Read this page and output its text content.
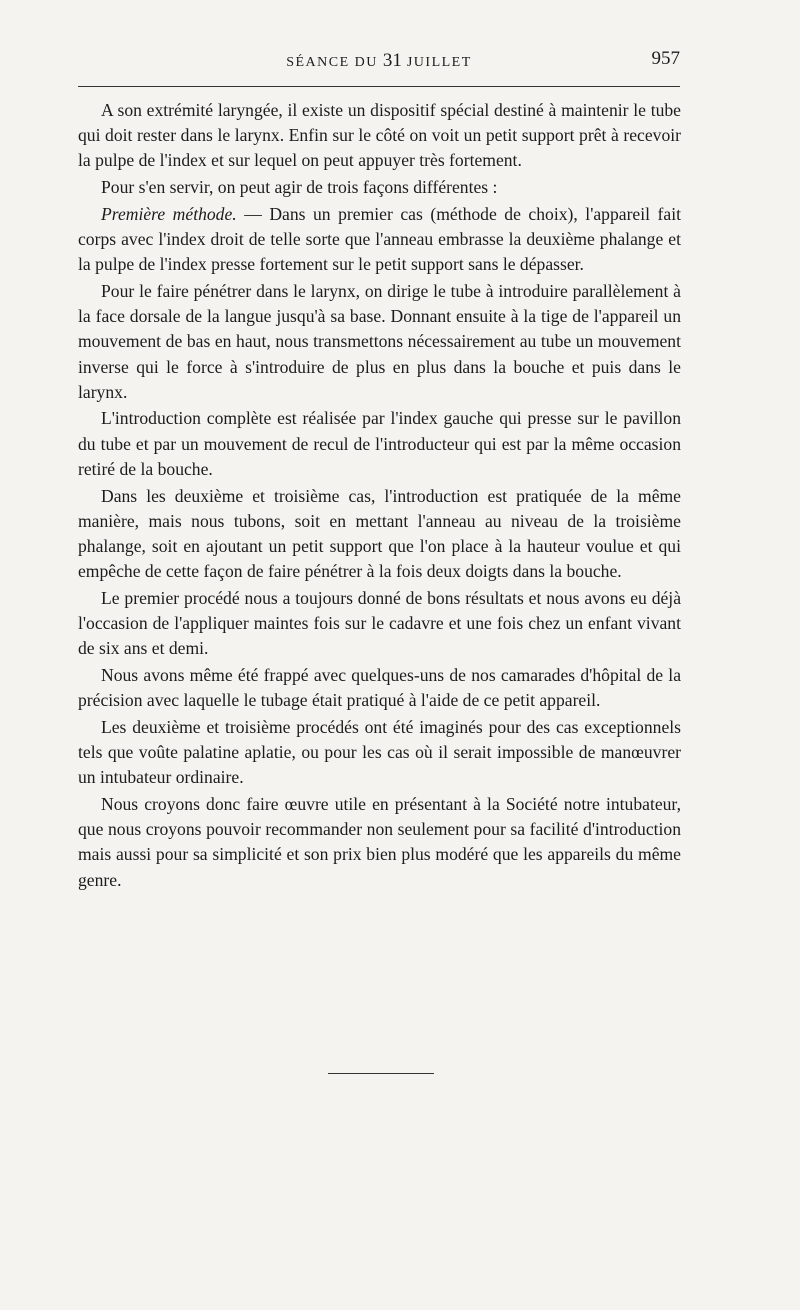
SÉANCE DU 31 JUILLET	957

A son extrémité laryngée, il existe un dispositif spécial destiné à maintenir le tube qui doit rester dans le larynx. Enfin sur le côté on voit un petit support prêt à recevoir la pulpe de l'index et sur lequel on peut appuyer très fortement.

Pour s'en servir, on peut agir de trois façons différentes :

Première méthode. — Dans un premier cas (méthode de choix), l'appareil fait corps avec l'index droit de telle sorte que l'anneau embrasse la deuxième phalange et la pulpe de l'index presse fortement sur le petit support sans le dépasser.

Pour le faire pénétrer dans le larynx, on dirige le tube à introduire parallèlement à la face dorsale de la langue jusqu'à sa base. Donnant ensuite à la tige de l'appareil un mouvement de bas en haut, nous transmettons nécessairement au tube un mouvement inverse qui le force à s'introduire de plus en plus dans la bouche et puis dans le larynx.

L'introduction complète est réalisée par l'index gauche qui presse sur le pavillon du tube et par un mouvement de recul de l'introducteur qui est par la même occasion retiré de la bouche.

Dans les deuxième et troisième cas, l'introduction est pratiquée de la même manière, mais nous tubons, soit en mettant l'anneau au niveau de la troisième phalange, soit en ajoutant un petit support que l'on place à la hauteur voulue et qui empêche de cette façon de faire pénétrer à la fois deux doigts dans la bouche.

Le premier procédé nous a toujours donné de bons résultats et nous avons eu déjà l'occasion de l'appliquer maintes fois sur le cadavre et une fois chez un enfant vivant de six ans et demi.

Nous avons même été frappé avec quelques-uns de nos camarades d'hôpital de la précision avec laquelle le tubage était pratiqué à l'aide de ce petit appareil.

Les deuxième et troisième procédés ont été imaginés pour des cas exceptionnels tels que voûte palatine aplatie, ou pour les cas où il serait impossible de manœuvrer un intubateur ordinaire.

Nous croyons donc faire œuvre utile en présentant à la Société notre intubateur, que nous croyons pouvoir recommander non seulement pour sa facilité d'introduction mais aussi pour sa simplicité et son prix bien plus modéré que les appareils du même genre.
